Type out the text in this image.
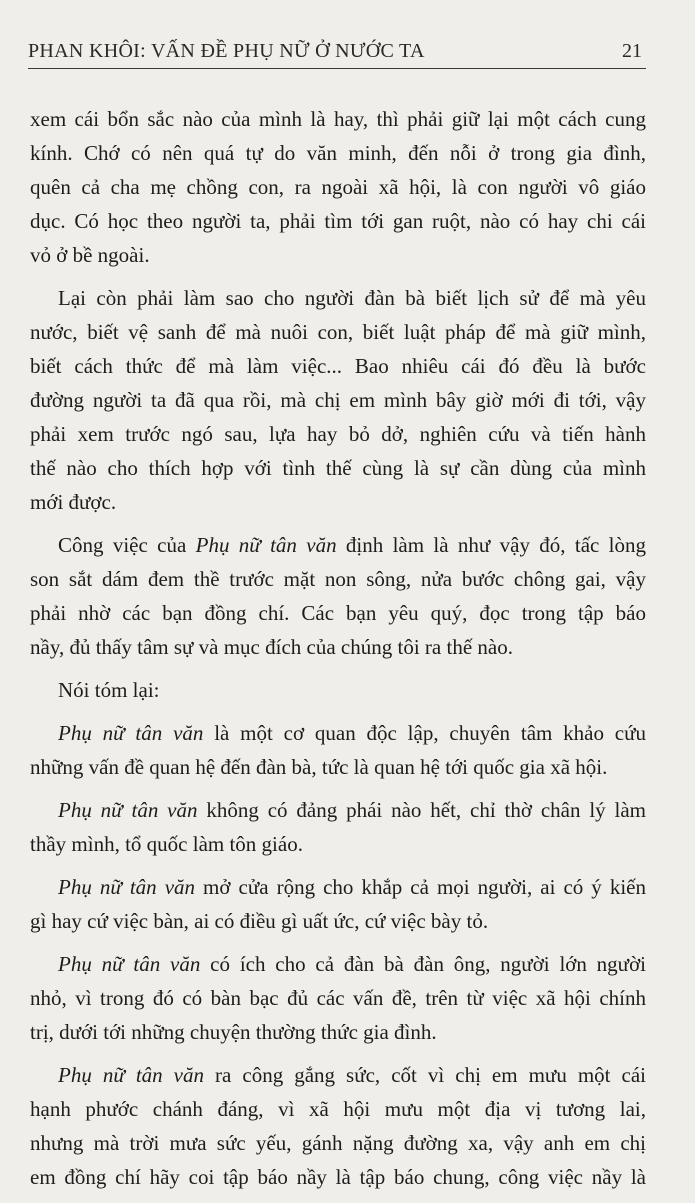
PHAN KHÔI: VẤN ĐỀ PHỤ NỮ Ở NƯỚC TA	21
xem cái bổn sắc nào của mình là hay, thì phải giữ lại một cách cung
kính. Chớ có nên quá tự do văn minh, đến nỗi ở trong gia đình,
quên cả cha mẹ chồng con, ra ngoài xã hội, là con người vô giáo
dục. Có học theo người ta, phải tìm tới gan ruột, nào có hay chi cái
vỏ ở bề ngoài.
Lại còn phải làm sao cho người đàn bà biết lịch sử để mà yêu
nước, biết vệ sanh để mà nuôi con, biết luật pháp để mà giữ mình,
biết cách thức để mà làm việc... Bao nhiêu cái đó đều là bước
đường người ta đã qua rồi, mà chị em mình bây giờ mới đi tới, vậy
phải xem trước ngó sau, lựa hay bỏ dở, nghiên cứu và tiến hành
thế nào cho thích hợp với tình thế cùng là sự cần dùng của mình
mới được.
Công việc của Phụ nữ tân văn định làm là như vậy đó, tấc lòng
son sắt dám đem thề trước mặt non sông, nửa bước chông gai, vậy
phải nhờ các bạn đồng chí. Các bạn yêu quý, đọc trong tập báo
nầy, đủ thấy tâm sự và mục đích của chúng tôi ra thế nào.
Nói tóm lại:
Phụ nữ tân văn là một cơ quan độc lập, chuyên tâm khảo cứu
những vấn đề quan hệ đến đàn bà, tức là quan hệ tới quốc gia xã hội.
Phụ nữ tân văn không có đảng phái nào hết, chỉ thờ chân lý làm
thầy mình, tổ quốc làm tôn giáo.
Phụ nữ tân văn mở cửa rộng cho khắp cả mọi người, ai có ý kiến
gì hay cứ việc bàn, ai có điều gì uất ức, cứ việc bày tỏ.
Phụ nữ tân văn có ích cho cả đàn bà đàn ông, người lớn người
nhỏ, vì trong đó có bàn bạc đủ các vấn đề, trên từ việc xã hội chính
trị, dưới tới những chuyện thường thức gia đình.
Phụ nữ tân văn ra công gắng sức, cốt vì chị em mưu một cái
hạnh phước chánh đáng, vì xã hội mưu một địa vị tương lai,
nhưng mà trời mưa sức yếu, gánh nặng đường xa, vậy anh em chị
em đồng chí hãy coi tập báo nầy là tập báo chung, công việc nầy là
